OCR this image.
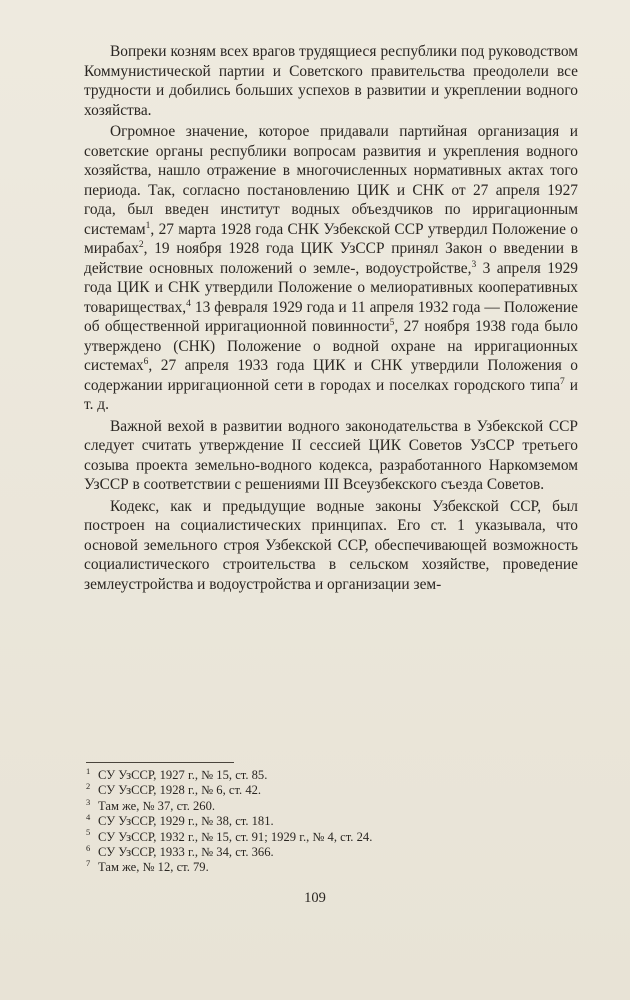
Вопреки козням всех врагов трудящиеся республики под руководством Коммунистической партии и Советского правительства преодолели все трудности и добились больших успехов в развитии и укреплении водного хозяйства.

Огромное значение, которое придавали партийная организация и советские органы республики вопросам развития и укрепления водного хозяйства, нашло отражение в многочисленных нормативных актах того периода. Так, согласно постановлению ЦИК и СНК от 27 апреля 1927 года, был введен институт водных объездчиков по ирригационным системам$^1$, 27 марта 1928 года СНК Узбекской ССР утвердил Положение о мирабах$^2$, 19 ноября 1928 года ЦИК УзССР принял Закон о введении в действие основных положений о земле-, водоустройстве,$^3$ 3 апреля 1929 года ЦИК и СНК утвердили Положение о мелиоративных кооперативных товариществах,$^4$ 13 февраля 1929 года и 11 апреля 1932 года — Положение об общественной ирригационной повинности$^5$, 27 ноября 1938 года было утверждено (СНК) Положение о водной охране на ирригационных системах$^6$, 27 апреля 1933 года ЦИК и СНК утвердили Положения о содержании ирригационной сети в городах и поселках городского типа$^7$ и т. д.

Важной вехой в развитии водного законодательства в Узбекской ССР следует считать утверждение II сессией ЦИК Советов УзССР третьего созыва проекта земельно-водного кодекса, разработанного Наркомземом УзССР в соответствии с решениями III Всеузбекского съезда Советов.

Кодекс, как и предыдущие водные законы Узбекской ССР, был построен на социалистических принципах. Его ст. 1 указывала, что основой земельного строя Узбекской ССР, обеспечивающей возможность социалистического строительства в сельском хозяйстве, проведение землеустройства и водоустройства и организации зем-

1 СУ УзССР, 1927 г., № 15, ст. 85.
2 СУ УзССР, 1928 г., № 6, ст. 42.
3 Там же, № 37, ст. 260.
4 СУ УзССР, 1929 г., № 38, ст. 181.
5 СУ УзССР, 1932 г., № 15, ст. 91; 1929 г., № 4, ст. 24.
6 СУ УзССР, 1933 г., № 34, ст. 366.
7 Там же, № 12, ст. 79.
109
